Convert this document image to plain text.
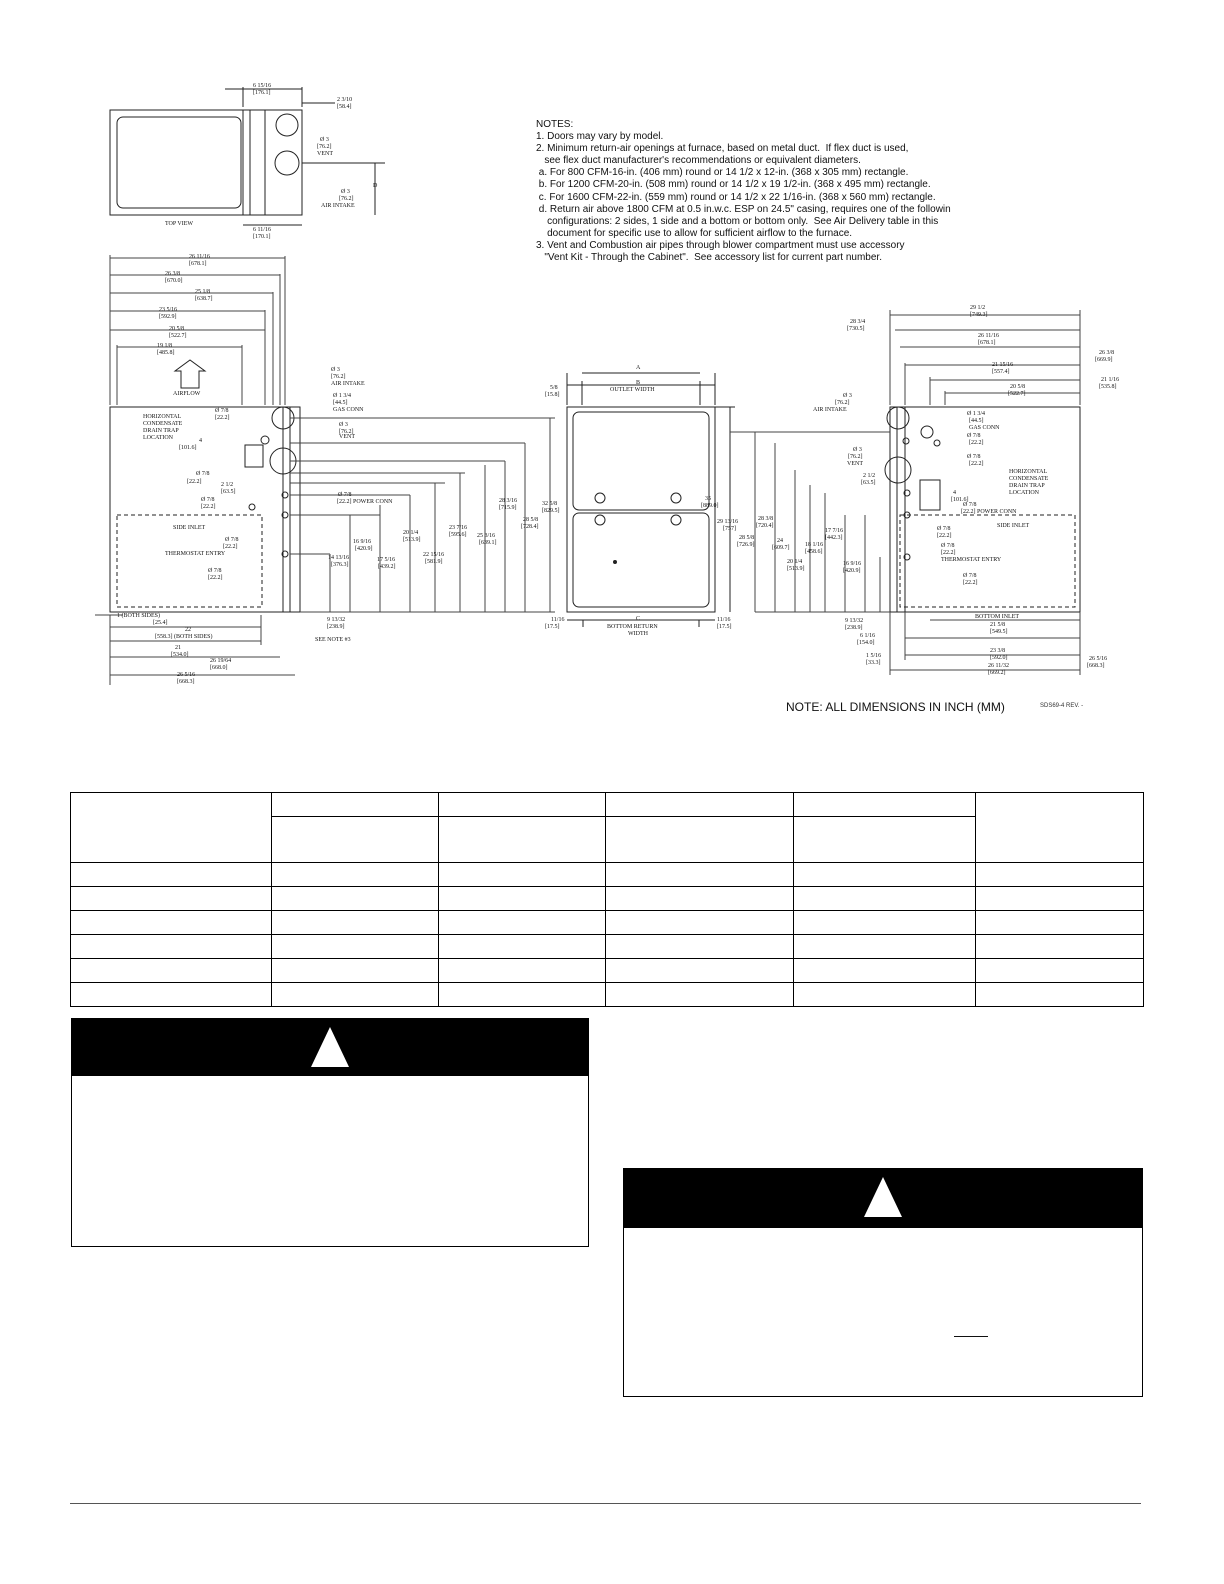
6 15/16
[176.1]
2 3/10
[58.4]
Ø 3
[76.2]
VENT
Ø 3
[76.2]
AIR INTAKE
D
6 11/16
[170.1]
TOP VIEW
26 11/16
[678.1]
26 3/8
[670.0]
25 1/8
[638.7]
23 5/16
[592.9]
20 5/8
[522.7]
19 1/8
[485.8]
AIRFLOW
Ø 3
[76.2]
AIR INTAKE
Ø 1 3/4
[44.5]
GAS CONN
Ø 3
[76.2]
VENT
Ø 7/8
[22.2]
HORIZONTAL
CONDENSATE
DRAIN TRAP
LOCATION	4
[101.6]
Ø 7/8
[22.2]	2 1/2
[63.5]
Ø 7/8
[22.2]
Ø 7/8
[22.2] POWER CONN
SIDE INLET
Ø 7/8
[22.2]
THERMOSTAT ENTRY
Ø 7/8
[22.2]
14 13/16
[376.3]
16 9/16
[420.9]
17 5/16
[439.2]
20 1/4
[513.9]
22 15/16
[581.9]
23 7/16
[595.6] 25 3/16
[639.1]
28 3/16
[715.9]
28 5/8
[728.4]
32 5/8
[829.5]
1 (BOTH SIDES)
[25.4]
22
[558.3] (BOTH SIDES)
21
[534.0]
26 19/64
[668.0]
26 5/16
[668.3]
9 13/32
[238.9]
SEE NOTE #3
A
B
OUTLET WIDTH
5/8
[15.8]
35
[889.0]
11/16
[17.5]
C
BOTTOM RETURN
WIDTH
11/16
[17.5]
29 1/2
[749.3]
28 3/4
[730.5]
26 11/16
[678.1]
26 3/8
[669.9]
21 15/16
[557.4]
21 1/16
[535.8]
20 5/8
[522.7]
Ø 3
[76.2]
AIR INTAKE
Ø 1 3/4
[44.5]
GAS CONN
Ø 7/8
[22.2]
Ø 7/8
[22.2]
Ø 3
[76.2]
VENT
2 1/2
[63.5]
HORIZONTAL
CONDENSATE
DRAIN TRAP
LOCATION
4
[101.6]
Ø 7/8
[22.2] POWER CONN
SIDE INLET
Ø 7/8
[22.2]
Ø 7/8
[22.2]
THERMOSTAT ENTRY
Ø 7/8
[22.2]
29 13/16
[757]
28 5/8
[726.9]
28 3/8
[720.4]
24
[609.7]
20 1/4
[513.9]
18 1/16
[458.6]
17 7/16
[442.3]
16 9/16
[420.9]
BOTTOM INLET
21 5/8
[549.5]
9 13/32
[238.9]
6 1/16
[154.0]
23 3/8
[592.0]
1 5/16
[33.3]	26 11/32
[669.2]
26 5/16
[668.3]
NOTES:
1. Doors may vary by model.
2. Minimum return-air openings at furnace, based on metal duct.  If flex duct is used,
see flex duct manufacturer's recommendations or equivalent diameters.
a. For 800 CFM-16-in. (406 mm) round or 14 1/2 x 12-in. (368 x 305 mm) rectangle.
b. For 1200 CFM-20-in. (508 mm) round or 14 1/2 x 19 1/2-in. (368 x 495 mm) rectangle.
c. For 1600 CFM-22-in. (559 mm) round or 14 1/2 x 22 1/16-in. (368 x 560 mm) rectangle.
d. Return air above 1800 CFM at 0.5 in.w.c. ESP on 24.5" casing, requires one of the followin
configurations: 2 sides, 1 side and a bottom or bottom only.  See Air Delivery table in this
document for specific use to allow for sufficient airflow to the furnace.
3. Vent and Combustion air pipes through blower compartment must use accessory
"Vent Kit - Through the Cabinet".  See accessory list for current part number.
NOTE: ALL DIMENSIONS IN INCH (MM)	SDS69-4 REV. -
